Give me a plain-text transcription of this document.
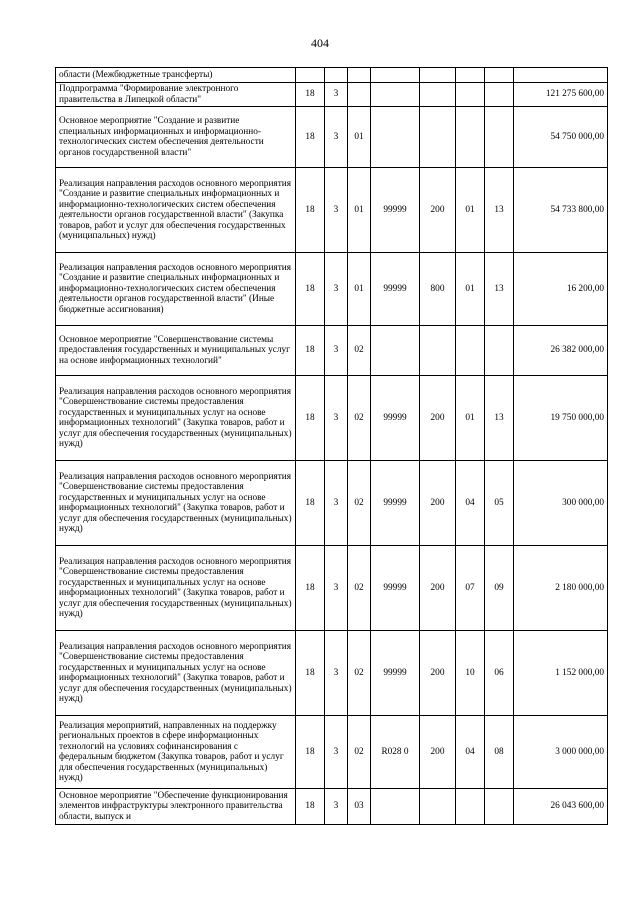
404
области (Межбюджетные трансферты)								
Подпрограмма "Формирование электронного правительства в Липецкой области"	18	3						121 275 600,00
Основное мероприятие "Создание и развитие специальных информационных и информационно-технологических систем обеспечения деятельности органов государственной власти"	18	3	01					54 750 000,00
Реализация направления расходов основного мероприятия "Создание и развитие специальных информационных и информационно-технологических систем обеспечения деятельности органов государственной власти" (Закупка товаров, работ и услуг для обеспечения государственных (муниципальных) нужд)	18	3	01	99999	200	01	13	54 733 800,00
Реализация направления расходов основного мероприятия "Создание и развитие специальных информационных и информационно-технологических систем обеспечения деятельности органов государственной власти" (Иные бюджетные ассигнования)	18	3	01	99999	800	01	13	16 200,00
Основное мероприятие "Совершенствование системы предоставления государственных и муниципальных услуг на основе информационных технологий"	18	3	02					26 382 000,00
Реализация направления расходов основного мероприятия "Совершенствование системы предоставления государственных и муниципальных услуг на основе информационных технологий" (Закупка товаров, работ и услуг для обеспечения государственных (муниципальных) нужд)	18	3	02	99999	200	01	13	19 750 000,00
Реализация направления расходов основного мероприятия "Совершенствование системы предоставления государственных и муниципальных услуг на основе информационных технологий" (Закупка товаров, работ и услуг для обеспечения государственных (муниципальных) нужд)	18	3	02	99999	200	04	05	300 000,00
Реализация направления расходов основного мероприятия "Совершенствование системы предоставления государственных и муниципальных услуг на основе информационных технологий" (Закупка товаров, работ и услуг для обеспечения государственных (муниципальных) нужд)	18	3	02	99999	200	07	09	2 180 000,00
Реализация направления расходов основного мероприятия "Совершенствование системы предоставления государственных и муниципальных услуг на основе информационных технологий" (Закупка товаров, работ и услуг для обеспечения государственных (муниципальных) нужд)	18	3	02	99999	200	10	06	1 152 000,00
Реализация мероприятий, направленных на поддержку региональных проектов в сфере информационных технологий на условиях софинансирования с федеральным бюджетом (Закупка товаров, работ и услуг для обеспечения государственных (муниципальных) нужд)	18	3	02	R028 0	200	04	08	3 000 000,00
Основное мероприятие "Обеспечение функционирования элементов инфраструктуры электронного правительства области, выпуск и	18	3	03					26 043 600,00
